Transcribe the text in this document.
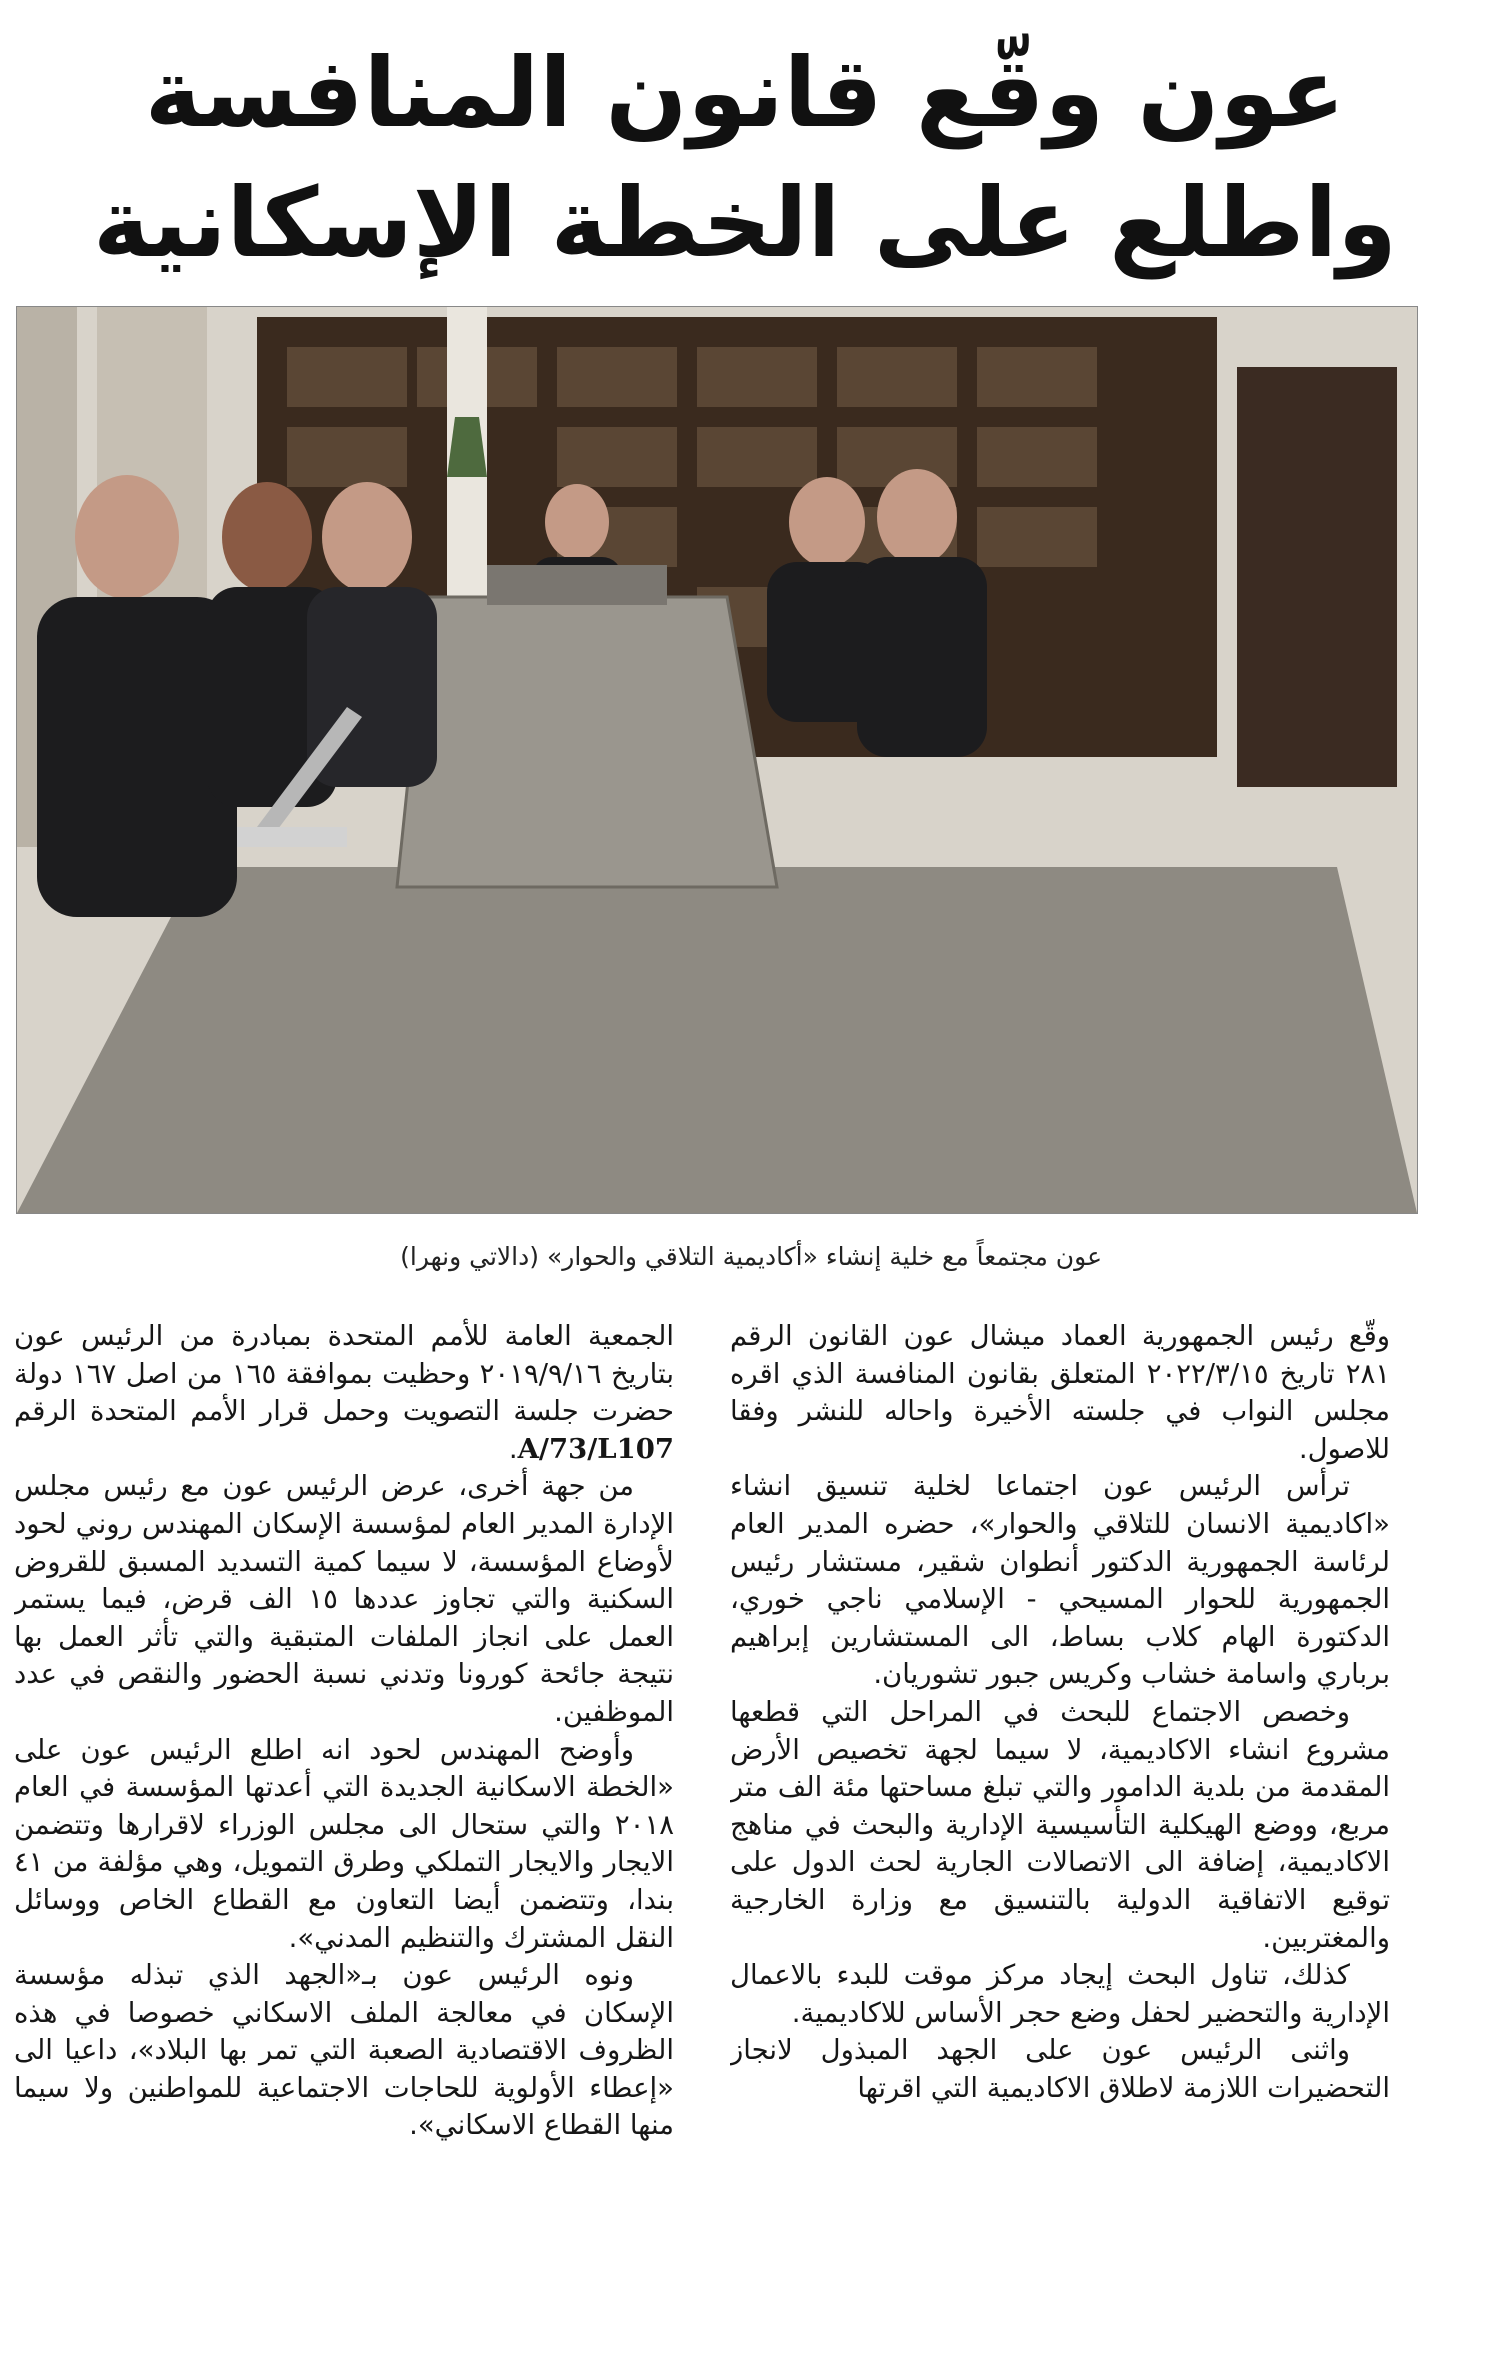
عون وقّع قانون المنافسة
واطلع على الخطة الإسكانية
عون مجتمعاً مع خلية إنشاء «أكاديمية التلاقي والحوار» (دالاتي ونهرا)

وقّع رئيس الجمهورية العماد ميشال عون القانون الرقم ٢٨١ تاريخ ٢٠٢٢/٣/١٥ المتعلق بقانون المنافسة الذي اقره مجلس النواب في جلسته الأخيرة واحاله للنشر وفقا للاصول.

ترأس الرئيس عون اجتماعا لخلية تنسيق انشاء «اكاديمية الانسان للتلاقي والحوار»، حضره المدير العام لرئاسة الجمهورية الدكتور أنطوان شقير، مستشار رئيس الجمهورية للحوار المسيحي - الإسلامي ناجي خوري، الدكتورة الهام كلاب بساط، الى المستشارين إبراهيم برباري واسامة خشاب وكريس جبور تشوريان.

وخصص الاجتماع للبحث في المراحل التي قطعها مشروع انشاء الاكاديمية، لا سيما لجهة تخصيص الأرض المقدمة من بلدية الدامور والتي تبلغ مساحتها مئة الف متر مربع، ووضع الهيكلية التأسيسية الإدارية والبحث في مناهج الاكاديمية، إضافة الى الاتصالات الجارية لحث الدول على توقيع الاتفاقية الدولية بالتنسيق مع وزارة الخارجية والمغتربين.

كذلك، تناول البحث إيجاد مركز موقت للبدء بالاعمال الإدارية والتحضير لحفل وضع حجر الأساس للاكاديمية.

واثنى الرئيس عون على الجهد المبذول لانجاز التحضيرات اللازمة لاطلاق الاكاديمية التي اقرتها

الجمعية العامة للأمم المتحدة بمبادرة من الرئيس عون بتاريخ ٢٠١٩/٩/١٦ وحظيت بموافقة ١٦٥ من اصل ١٦٧ دولة حضرت جلسة التصويت وحمل قرار الأمم المتحدة الرقم A/73/L107.

من جهة أخرى، عرض الرئيس عون مع رئيس مجلس الإدارة المدير العام لمؤسسة الإسكان المهندس روني لحود لأوضاع المؤسسة، لا سيما كمية التسديد المسبق للقروض السكنية والتي تجاوز عددها ١٥ الف قرض، فيما يستمر العمل على انجاز الملفات المتبقية والتي تأثر العمل بها نتيجة جائحة كورونا وتدني نسبة الحضور والنقص في عدد الموظفين.

وأوضح المهندس لحود انه اطلع الرئيس عون على «الخطة الاسكانية الجديدة التي أعدتها المؤسسة في العام ٢٠١٨ والتي ستحال الى مجلس الوزراء لاقرارها وتتضمن الايجار والايجار التملكي وطرق التمويل، وهي مؤلفة من ٤١ بندا، وتتضمن أيضا التعاون مع القطاع الخاص ووسائل النقل المشترك والتنظيم المدني».

ونوه الرئيس عون بـ«الجهد الذي تبذله مؤسسة الإسكان في معالجة الملف الاسكاني خصوصا في هذه الظروف الاقتصادية الصعبة التي تمر بها البلاد»، داعيا الى «إعطاء الأولوية للحاجات الاجتماعية للمواطنين ولا سيما منها القطاع الاسكاني».
